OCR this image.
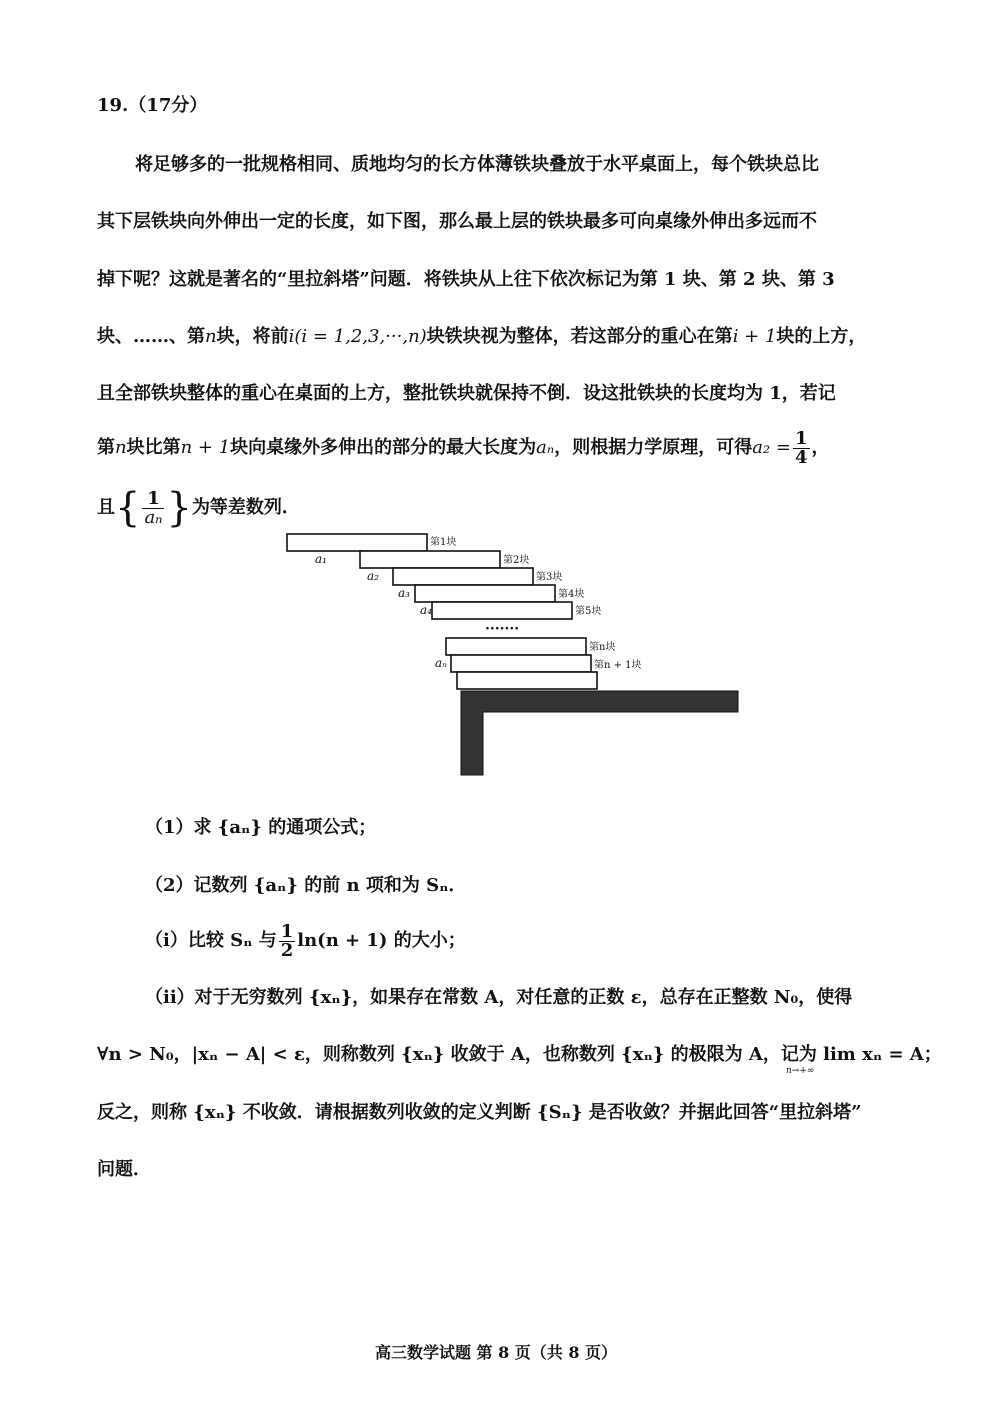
19.（17分）
将足够多的一批规格相同、质地均匀的长方体薄铁块叠放于水平桌面上，每个铁块总比
其下层铁块向外伸出一定的长度，如下图，那么最上层的铁块最多可向桌缘外伸出多远而不
掉下呢？这就是著名的“里拉斜塔”问题．将铁块从上往下依次标记为第 1 块、第 2 块、第 3
块、……、第n块，将前i(i = 1,2,3,···,n)块铁块视为整体，若这部分的重心在第i + 1块的上方，
且全部铁块整体的重心在桌面的上方，整批铁块就保持不倒．设这批铁块的长度均为 1，若记
第n块比第n + 1块向桌缘外多伸出的部分的最大长度为aₙ，则根据力学原理，可得$a_2 = \frac{1}{4}$ ，
且{ $\frac{1}{\text{aₙ}}$ }为等差数列．
第1块
第2块
第3块
第4块
第5块
第n块
第n + 1块
a₁
a₂
a₃
a₄
aₙ
·······
（1）求 {aₙ} 的通项公式；
（2）记数列 {aₙ} 的前 n 项和为 Sₙ．
（i）比较 Sₙ 与 $\frac{1}{2} \ln(n + 1)$ 的大小；
（ii）对于无穷数列 {xₙ}，如果存在常数 A，对任意的正数 ε，总存在正整数 N₀，使得
∀n > N₀，|xₙ − A| < ε，则称数列 {xₙ} 收敛于 A，也称数列 {xₙ} 的极限为 A，记为 lim xₙ = A；
n→+∞
反之，则称 {xₙ} 不收敛．请根据数列收敛的定义判断 {Sₙ} 是否收敛？并据此回答“里拉斜塔”
问题．
高三数学试题 第 8 页（共 8 页）
